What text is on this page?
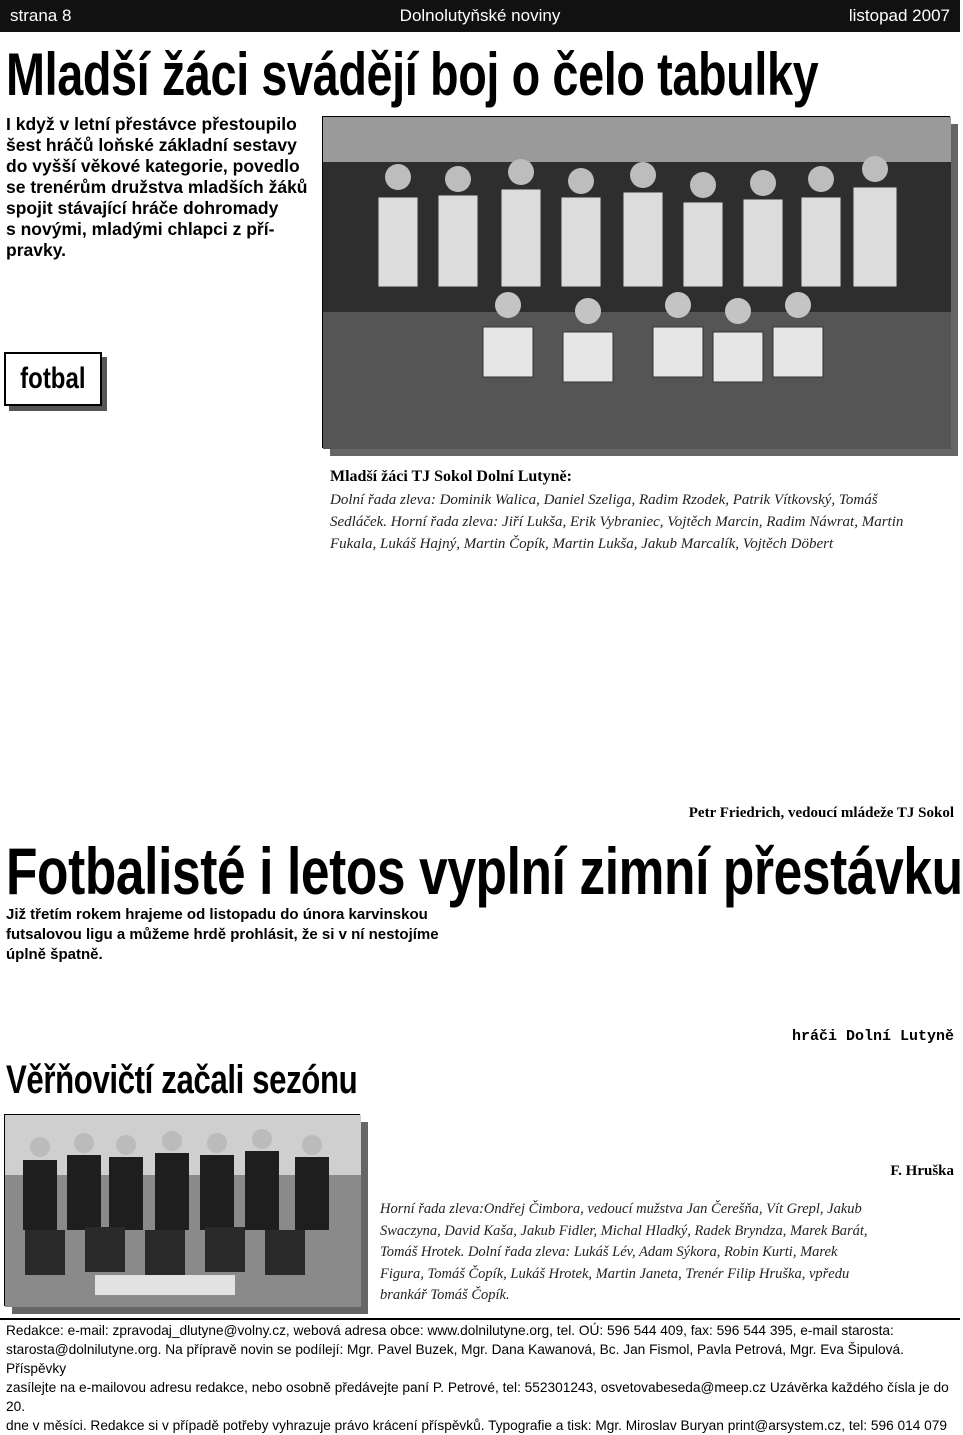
strana 8	Dolnolutyňské noviny	listopad 2007
Mladší žáci svádějí boj o čelo tabulky
I když v letní přestávce přestoupilo
šest hráčů loňské základní sestavy
do vyšší věkové kategorie, povedlo
se trenérům družstva mladších žáků
spojit stávající hráče dohromady
s novými, mladými chlapci z pří-
pravky.
fotbal
Mladší žáci TJ Sokol Dolní Lutyně:
Dolní řada zleva: Dominik Walica, Daniel Szeliga, Radim Rzodek, Patrik Vítkovský, Tomáš
Sedláček. Horní řada zleva: Jiří Lukša, Erik Vybraniec, Vojtěch Marcin, Radim Náwrat, Martin
Fukala, Lukáš Hajný, Martin Čopík, Martin Lukša, Jakub Marcalík, Vojtěch Döbert
Petr Friedrich, vedoucí mládeže TJ Sokol
Fotbalisté i letos vyplní zimní přestávku
Již třetím rokem hrajeme od listopadu do února karvinskou
futsalovou ligu a můžeme hrdě prohlásit, že si v ní nestojíme
úplně špatně.
hráči Dolní Lutyně
Věřňovičtí začali sezónu
F. Hruška
Horní řada zleva:Ondřej Čimbora, vedoucí mužstva Jan Čerešňa, Vít Grepl, Jakub
Swaczyna, David Kaša, Jakub Fidler, Michal Hladký, Radek Bryndza, Marek Barát,
Tomáš Hrotek. Dolní řada zleva: Lukáš Lév, Adam Sýkora, Robin Kurti, Marek
Figura, Tomáš Čopík, Lukáš Hrotek, Martin Janeta, Trenér Filip Hruška, vpředu
brankář Tomáš Čopík.
Redakce: e-mail: zpravodaj_dlutyne@volny.cz, webová adresa obce: www.dolnilutyne.org, tel. OÚ: 596 544 409, fax: 596 544 395, e-mail starosta:
starosta@dolnilutyne.org. Na přípravě novin se podílejí: Mgr. Pavel Buzek, Mgr. Dana Kawanová, Bc. Jan Fismol, Pavla Petrová, Mgr. Eva Šipulová. Příspěvky
zasílejte na e-mailovou adresu redakce, nebo osobně předávejte paní P. Petrové, tel: 552301243, osvetovabeseda@meep.cz Uzávěrka každého čísla je do 20.
dne v měsíci. Redakce si v případě potřeby vyhrazuje právo krácení příspěvků. Typografie a tisk: Mgr. Miroslav Buryan print@arsystem.cz, tel: 596 014 079
